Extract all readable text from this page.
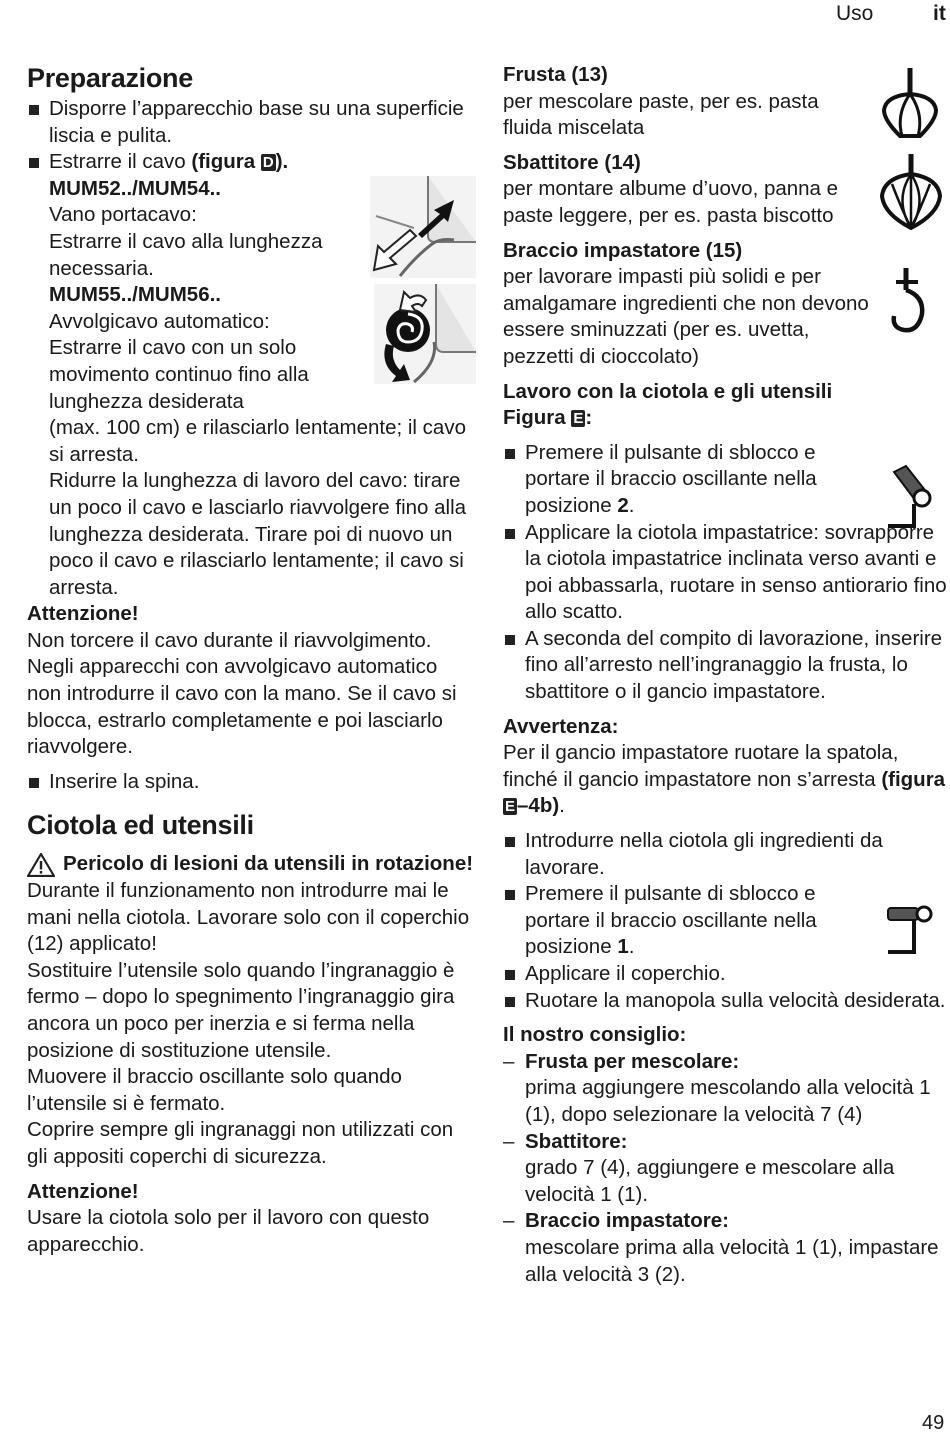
Uso	it
Preparazione

Disporre l’apparecchio base su una superficie liscia e pulita.

Estrarre il cavo (figura D).

MUM52../MUM54..

Vano portacavo:

Estrarre il cavo alla lunghezza

necessaria.

MUM55../MUM56..

Avvolgicavo automatico:

Estrarre il cavo con un solo

movimento continuo fino alla

lunghezza desiderata

(max. 100 cm) e rilasciarlo lentamente; il cavo si arresta.

Ridurre la lunghezza di lavoro del cavo: tirare un poco il cavo e lasciarlo riavvolgere fino alla lunghezza desiderata. Tirare poi di nuovo un poco il cavo e rilasciarlo lentamente; il cavo si arresta.

Attenzione!

Non torcere il cavo durante il riavvolgimento. Negli apparecchi con avvolgicavo automatico non introdurre il cavo con la mano. Se il cavo si blocca, estrarlo completamente e poi lasciarlo riavvolgere.

Inserire la spina.

Ciotola ed utensili

Pericolo di lesioni da utensili in rotazione!

Durante il funzionamento non introdurre mai le mani nella ciotola. Lavorare solo con il coperchio (12) applicato!

Sostituire l’utensile solo quando l’ingranaggio è fermo – dopo lo spegnimento l’ingranaggio gira ancora un poco per inerzia e si ferma nella posizione di sostituzione utensile.

Muovere il braccio oscillante solo quando l’utensile si è fermato.

Coprire sempre gli ingranaggi non utilizzati con gli appositi coperchi di sicurezza.

Attenzione!

Usare la ciotola solo per il lavoro con questo apparecchio.

Frusta (13)

per mescolare paste, per es. pasta fluida miscelata

Sbattitore (14)

per montare albume d’uovo, panna e paste leggere, per es. pasta biscotto

Braccio impastatore (15)

per lavorare impasti più solidi e per amalgamare ingredienti che non devono essere sminuzzati (per es. uvetta, pezzetti di cioccolato)

Lavoro con la ciotola e gli utensili
Figura E:

Premere il pulsante di sblocco e portare il braccio oscillante nella posizione 2.

Applicare la ciotola impastatrice: sovrapporre la ciotola impastatrice inclinata verso avanti e poi abbassarla, ruotare in senso antiorario fino allo scatto.

A seconda del compito di lavorazione, inserire fino all’arresto nell’ingranaggio la frusta, lo sbattitore o il gancio impastatore.

Avvertenza:

Per il gancio impastatore ruotare la spatola, finché il gancio impastatore non s’arresta (figura E–4b).

Introdurre nella ciotola gli ingredienti da lavorare.

Premere il pulsante di sblocco e portare il braccio oscillante nella posizione 1.

Applicare il coperchio.

Ruotare la manopola sulla velocità desiderata.

Il nostro consiglio:

– Frusta per mescolare:

prima aggiungere mescolando alla velocità 1 (1), dopo selezionare la velocità 7 (4)

– Sbattitore:

grado 7 (4), aggiungere e mescolare alla velocità 1 (1).

– Braccio impastatore:

mescolare prima alla velocità 1 (1), impastare alla velocità 3 (2).

49
